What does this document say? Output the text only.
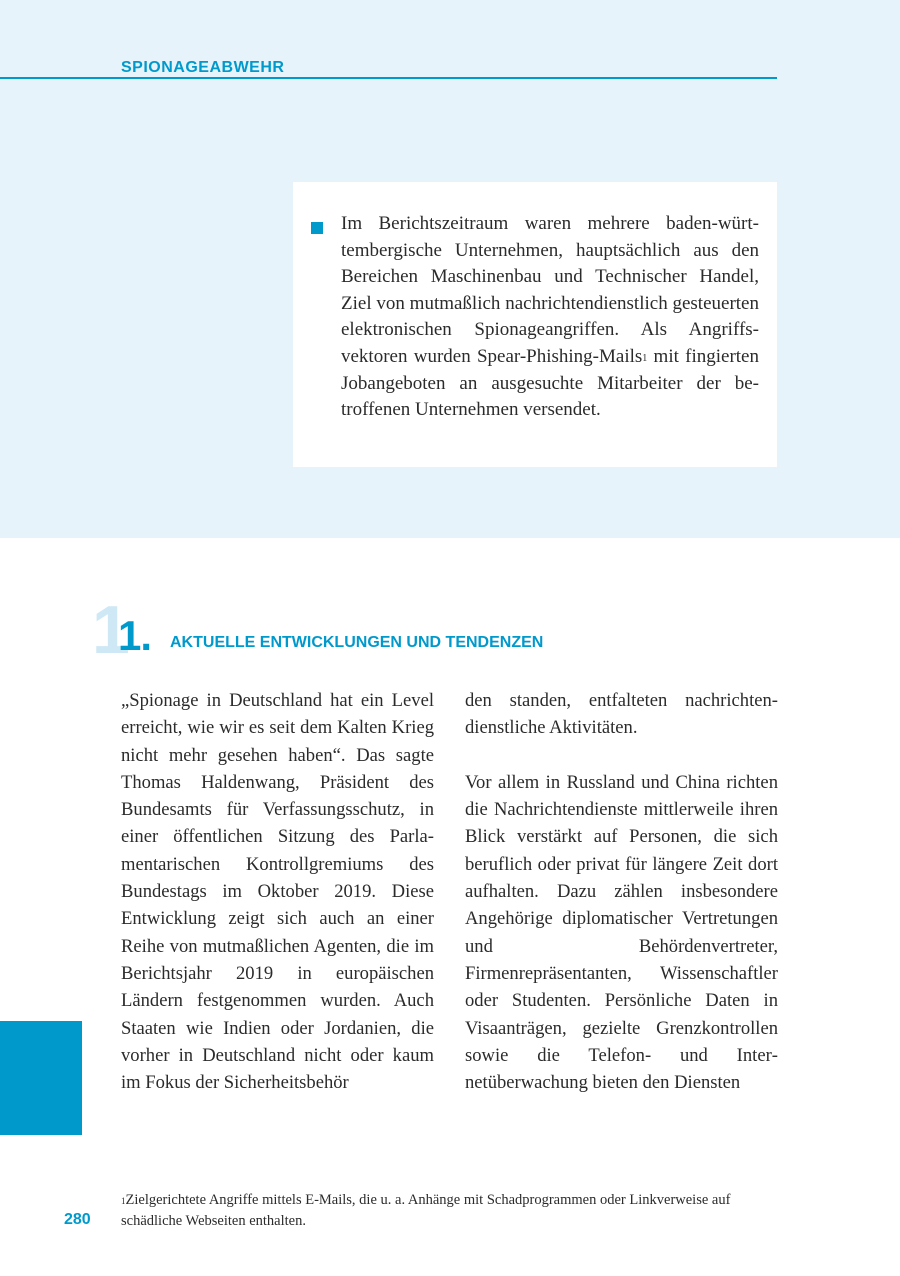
SPIONAGEABWEHR
Im Berichtszeitraum waren mehrere baden-württembergische Unternehmen, hauptsächlich aus den Bereichen Maschinenbau und Technischer Handel, Ziel von mutmaßlich nachrichtendienstlich gesteuerten elektronischen Spionageangriffen. Als Angriffsvektoren wurden Spear-Phishing-Mails$^1$ mit fingierten Jobangeboten an ausgesuchte Mitarbeiter der betroffenen Unternehmen versendet.
1
1. AKTUELLE ENTWICKLUNGEN UND TENDENZEN

„Spionage in Deutschland hat ein Level erreicht, wie wir es seit dem Kalten Krieg nicht mehr gesehen haben“. Das sagte Thomas Haldenwang, Präsident des Bundesamts für Verfassungsschutz, in einer öffentlichen Sitzung des Parlamentarischen Kontrollgremiums des Bundestags im Oktober 2019. Diese Entwicklung zeigt sich auch an einer Reihe von mutmaßlichen Agenten, die im Berichtsjahr 2019 in europäischen Ländern festgenommen wurden. Auch Staaten wie Indien oder Jordanien, die vorher in Deutschland nicht oder kaum im Fokus der Sicherheitsbehör

den standen, entfalteten nachrichtendienstliche Aktivitäten.

Vor allem in Russland und China richten die Nachrichtendienste mittlerweile ihren Blick verstärkt auf Personen, die sich beruflich oder privat für längere Zeit dort aufhalten. Dazu zählen insbesondere Angehörige diplomatischer Vertretungen und Behördenvertreter, Firmenrepräsentanten, Wissenschaftler oder Studenten. Persönliche Daten in Visaanträgen, gezielte Grenzkontrollen sowie die Telefon- und Internetüberwachung bieten den Diensten

$^1$Zielgerichtete Angriffe mittels E-Mails, die u. a. Anhänge mit Schadprogrammen oder Linkverweise auf schädliche Webseiten enthalten.
280
